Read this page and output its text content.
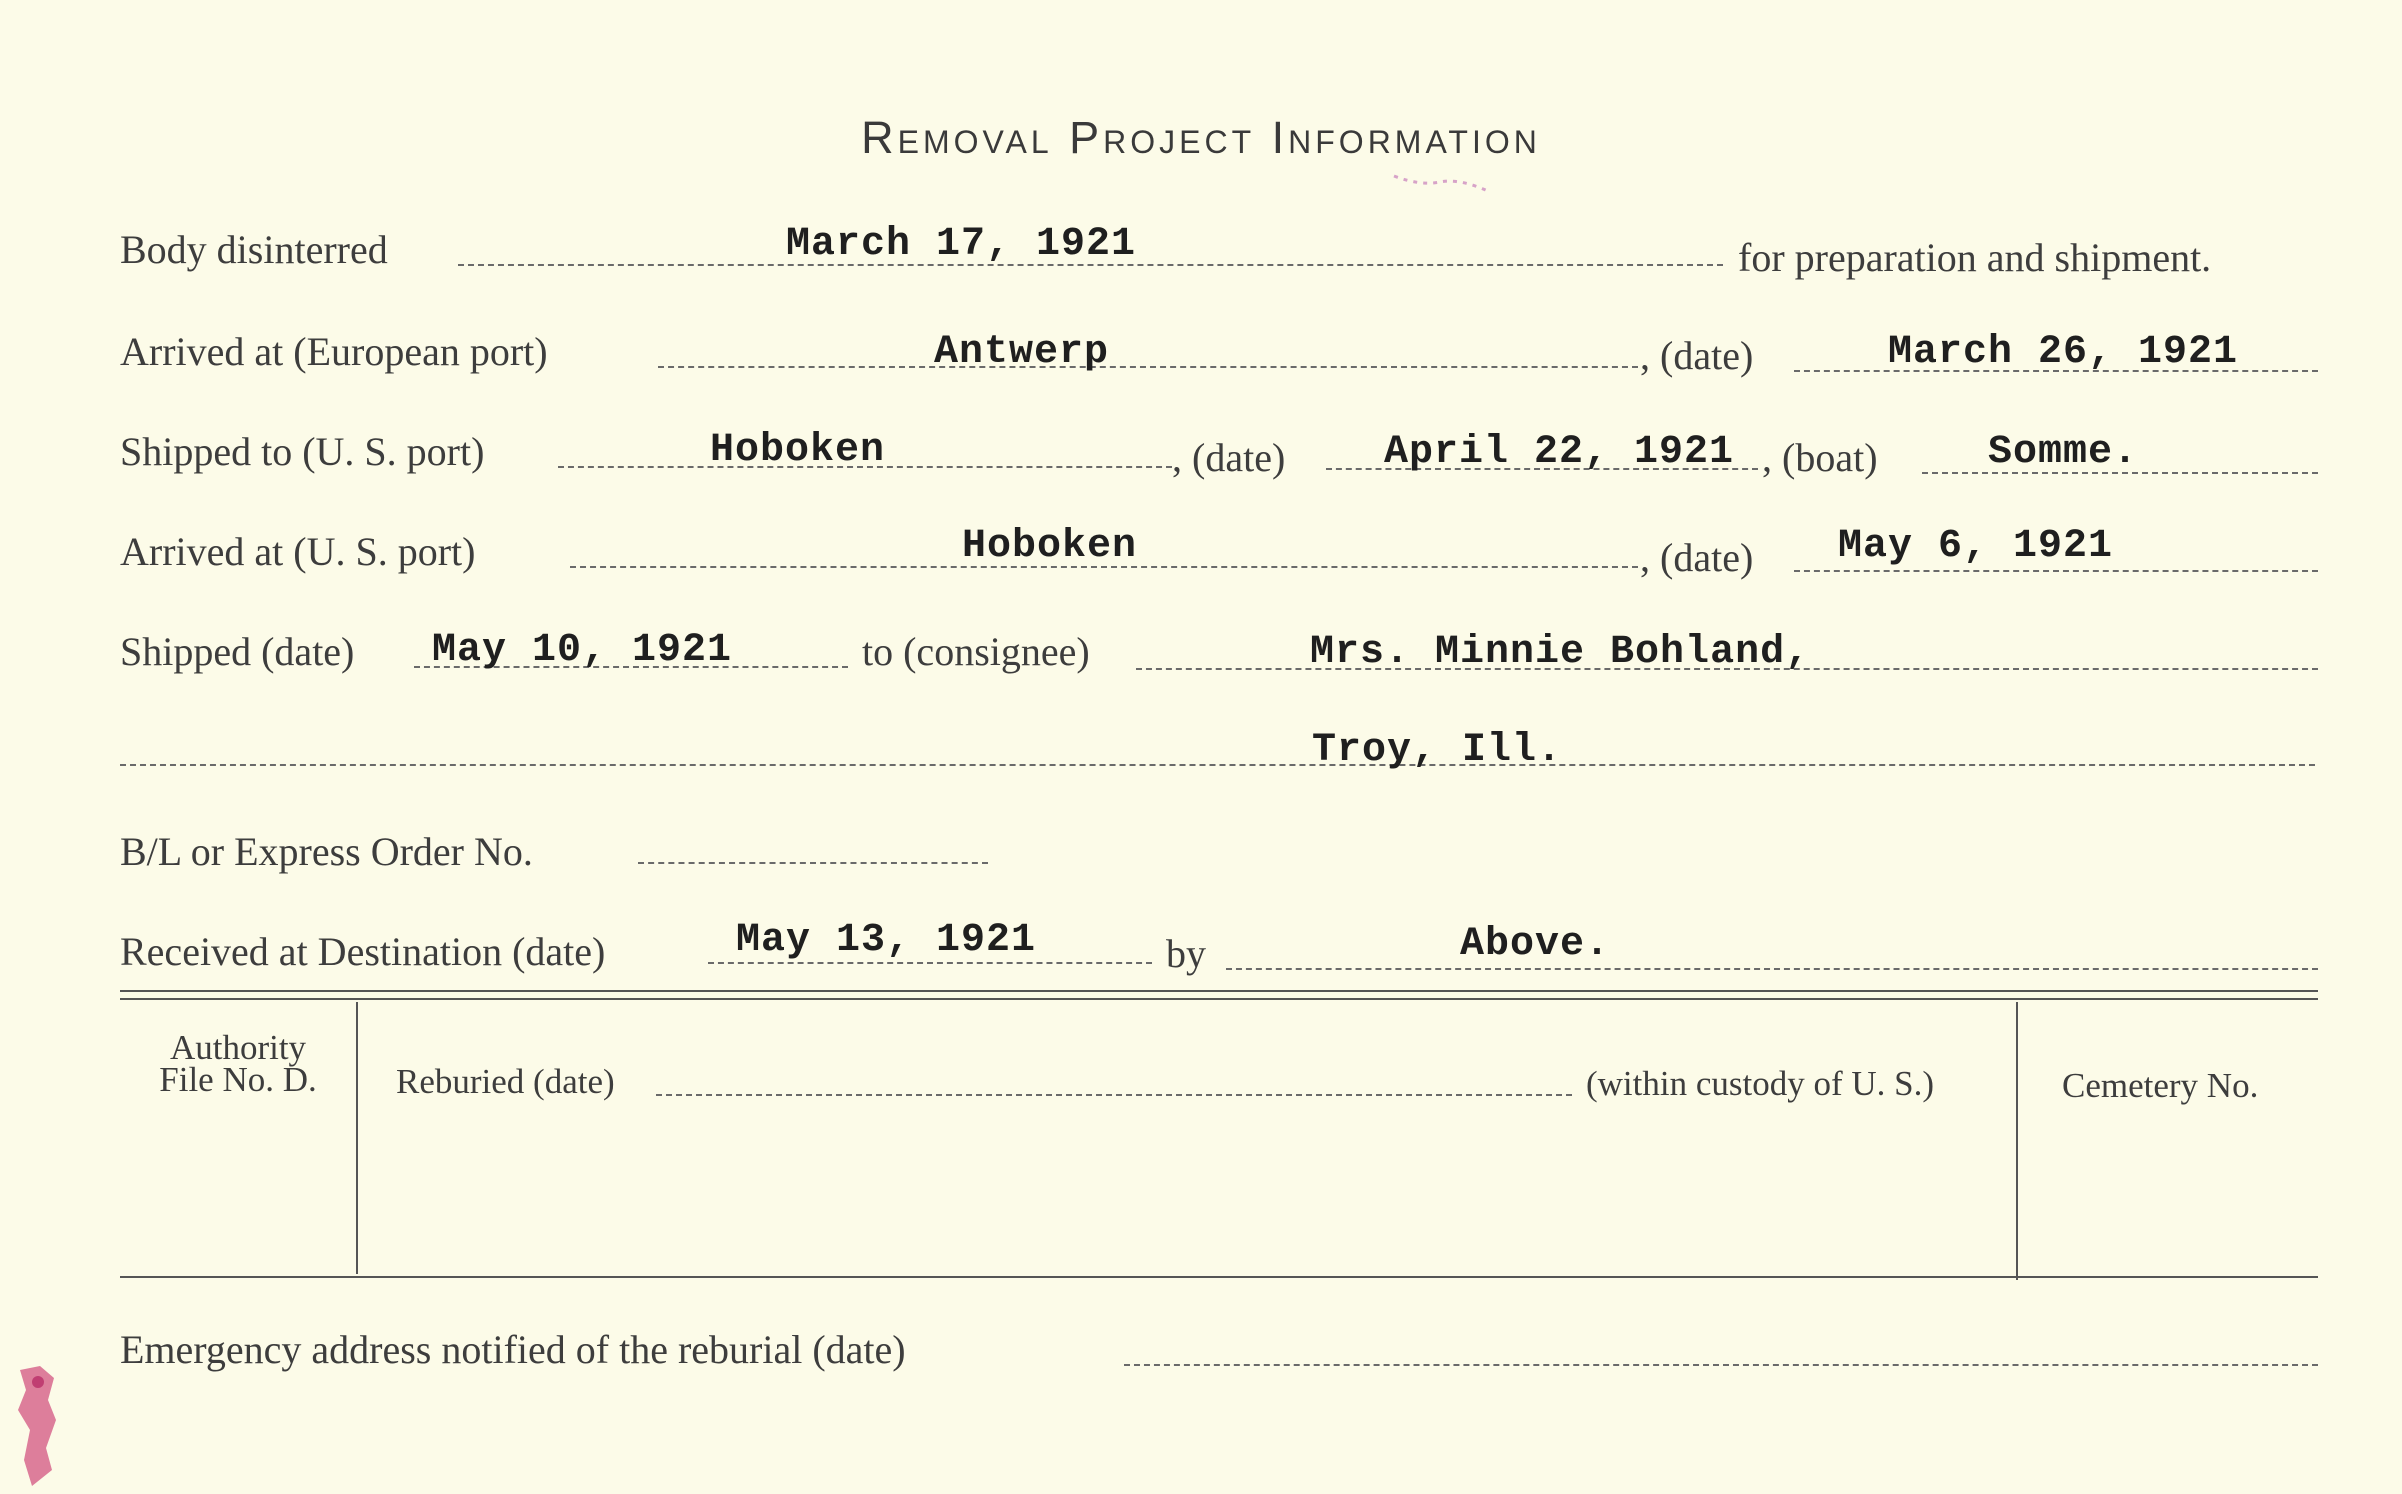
Removal Project Information
Body disinterred	March 17, 1921	for preparation and shipment.
Arrived at (European port)	Antwerp	, (date)	March 26, 1921
Shipped to (U. S. port)	Hoboken	, (date) April 22, 1921 , (boat)	Somme.
Arrived at (U. S. port)	Hoboken	, (date) May 6, 1921
Shipped (date) May 10, 1921	to (consignee)	Mrs. Minnie Bohland,
Troy, Ill.
B/L or Express Order No.
Received at Destination (date)	May 13, 1921	by	Above.
Authority
File No. D.	Reburied (date)	(within custody of U. S.)	Cemetery No.
Emergency address notified of the reburial (date)
